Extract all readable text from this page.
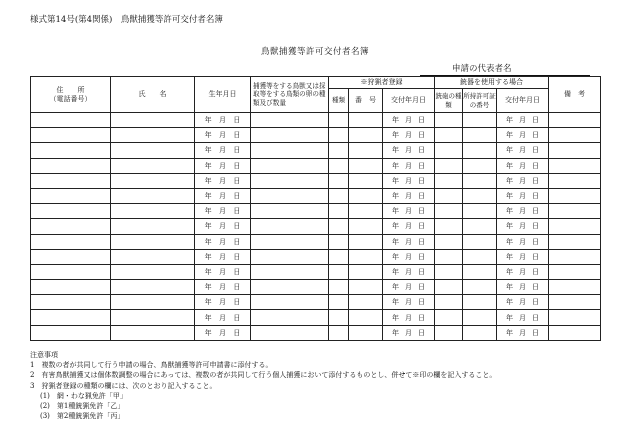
様式第14号(第4関係)　鳥獣捕獲等許可交付者名簿
鳥獣捕獲等許可交付者名簿
申請の代表者名
住　　所
（電話番号）	氏　　名	生年月日	捕獲等をする鳥獣又は採取等をする鳥類の卵の種類及び数量	※狩猟者登録			銃器を使用する場合			備　考
				種類	番　号	交付年月日	銃砲の種　類	所持許可証の番号	交付年月日	

		年 月 日				年 月 日			年 月 日	

		年 月 日				年 月 日			年 月 日	

		年 月 日				年 月 日			年 月 日	

		年 月 日				年 月 日			年 月 日	

		年 月 日				年 月 日			年 月 日	

		年 月 日				年 月 日			年 月 日	

		年 月 日				年 月 日			年 月 日	

		年 月 日				年 月 日			年 月 日	

		年 月 日				年 月 日			年 月 日	

		年 月 日				年 月 日			年 月 日	

		年 月 日				年 月 日			年 月 日	

		年 月 日				年 月 日			年 月 日	

		年 月 日				年 月 日			年 月 日	

		年 月 日				年 月 日			年 月 日	

		年 月 日				年 月 日			年 月 日	

注意事項
1　複数の者が共同して行う申請の場合、鳥獣捕獲等許可申請書に添付する。
2　有害鳥獣捕獲又は個体数調整の場合にあっては、複数の者が共同して行う個人捕獲において添付するものとし、併せて※印の欄を記入すること。
3　狩猟者登録の種類の欄には、次のとおり記入すること。
(1)　網・わな猟免許「甲」
(2)　第1種銃猟免許「乙」
(3)　第2種銃猟免許「丙」
